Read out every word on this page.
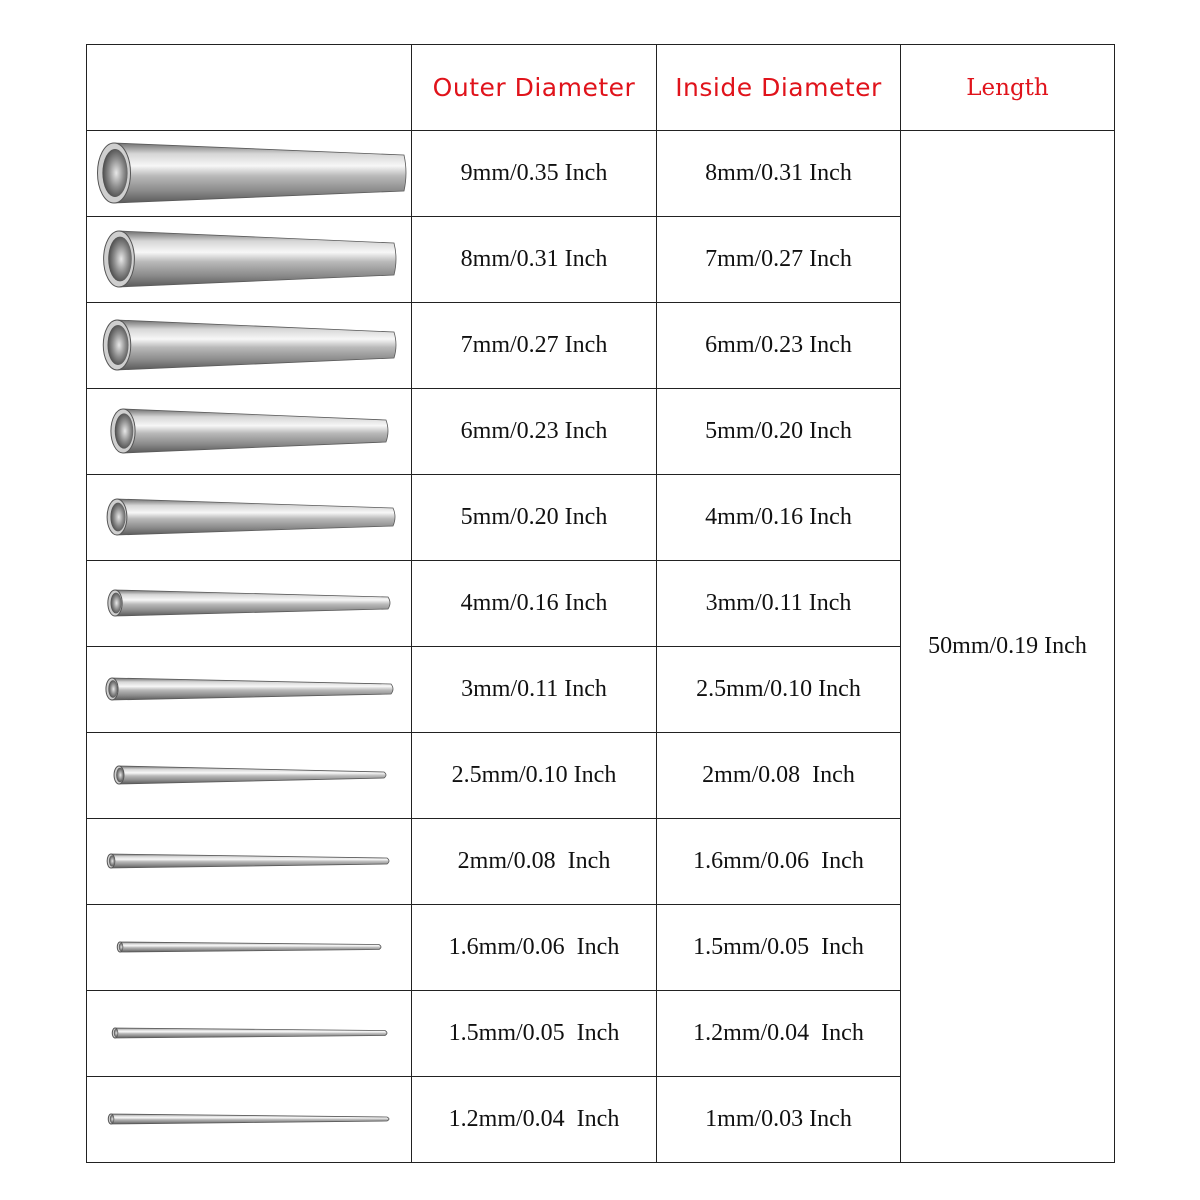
	Outer Diameter	Inside Diameter	Length

	9mm/0.35 Inch	8mm/0.31 Inch	50mm/0.19 Inch

	8mm/0.31 Inch	7mm/0.27 Inch	

	7mm/0.27 Inch	6mm/0.23 Inch	

	6mm/0.23 Inch	5mm/0.20 Inch	

	5mm/0.20 Inch	4mm/0.16 Inch	

	4mm/0.16 Inch	3mm/0.11 Inch	

	3mm/0.11 Inch	2.5mm/0.10 Inch	

	2.5mm/0.10 Inch	2mm/0.08  Inch	

	2mm/0.08  Inch	1.6mm/0.06  Inch	

	1.6mm/0.06  Inch	1.5mm/0.05  Inch	

	1.5mm/0.05  Inch	1.2mm/0.04  Inch	

	1.2mm/0.04  Inch	1mm/0.03 Inch	
